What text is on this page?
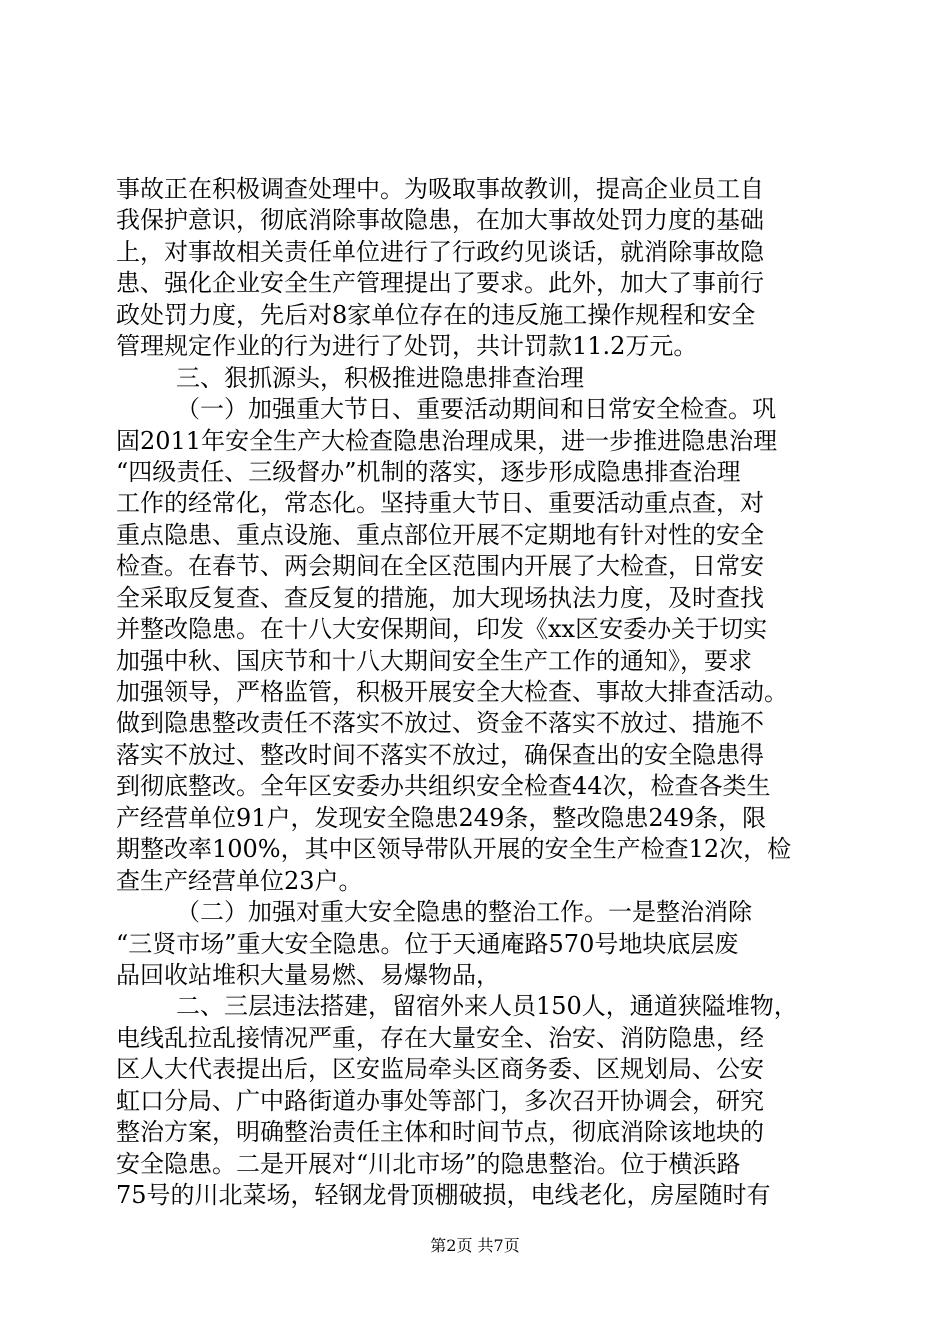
事故正在积极调查处理中。为吸取事故教训，提高企业员工自
我保护意识，彻底消除事故隐患，在加大事故处罚力度的基础
上，对事故相关责任单位进行了行政约见谈话，就消除事故隐
患、强化企业安全生产管理提出了要求。此外，加大了事前行
政处罚力度，先后对8家单位存在的违反施工操作规程和安全
管理规定作业的行为进行了处罚，共计罚款11.2万元。
三、狠抓源头，积极推进隐患排查治理
（一）加强重大节日、重要活动期间和日常安全检查。巩
固2011年安全生产大检查隐患治理成果，进一步推进隐患治理
“四级责任、三级督办”机制的落实，逐步形成隐患排查治理
工作的经常化，常态化。坚持重大节日、重要活动重点查，对
重点隐患、重点设施、重点部位开展不定期地有针对性的安全
检查。在春节、两会期间在全区范围内开展了大检查，日常安
全采取反复查、查反复的措施，加大现场执法力度，及时查找
并整改隐患。在十八大安保期间，印发《xx区安委办关于切实
加强中秋、国庆节和十八大期间安全生产工作的通知》，要求
加强领导，严格监管，积极开展安全大检查、事故大排查活动。
做到隐患整改责任不落实不放过、资金不落实不放过、措施不
落实不放过、整改时间不落实不放过，确保查出的安全隐患得
到彻底整改。全年区安委办共组织安全检查44次，检查各类生
产经营单位91户，发现安全隐患249条，整改隐患249条，限
期整改率100%，其中区领导带队开展的安全生产检查12次，检
查生产经营单位23户。
（二）加强对重大安全隐患的整治工作。一是整治消除
“三贤市场”重大安全隐患。位于天通庵路570号地块底层废
品回收站堆积大量易燃、易爆物品，
二、三层违法搭建，留宿外来人员150人，通道狭隘堆物，
电线乱拉乱接情况严重，存在大量安全、治安、消防隐患，经
区人大代表提出后，区安监局牵头区商务委、区规划局、公安
虹口分局、广中路街道办事处等部门，多次召开协调会，研究
整治方案，明确整治责任主体和时间节点，彻底消除该地块的
安全隐患。二是开展对“川北市场”的隐患整治。位于横浜路
75号的川北菜场，轻钢龙骨顶棚破损，电线老化，房屋随时有
第2页 共7页
